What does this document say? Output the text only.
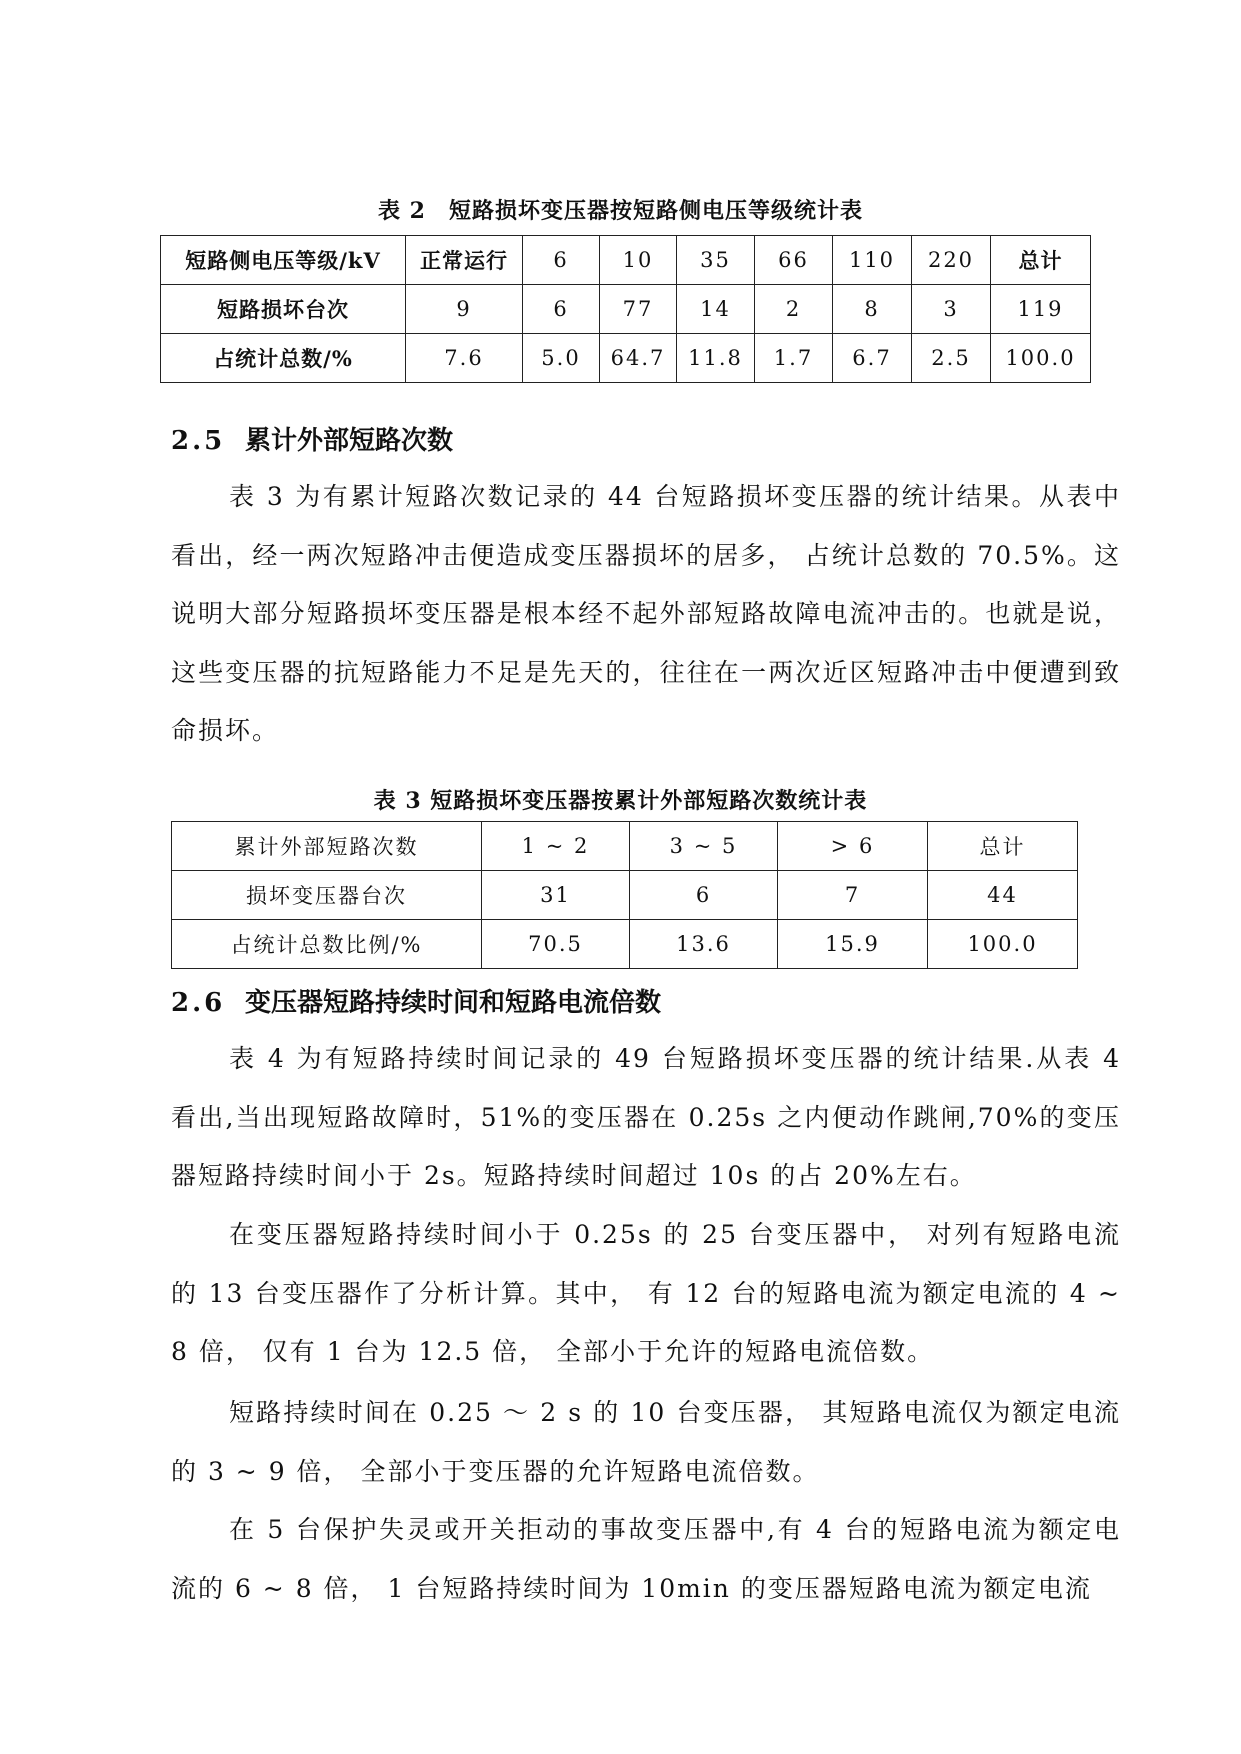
表 2　短路损坏变压器按短路侧电压等级统计表
短路侧电压等级/kV	正常运行	6	10	35	66	110	220	总计
短路损坏台次	9	6	77	14	2	8	3	119
占统计总数/%	7.6	5.0	64.7	11.8	1.7	6.7	2.5	100.0
2.5 累计外部短路次数
表 3 为有累计短路次数记录的 44 台短路损坏变压器的统计结果。从表中看出，经一两次短路冲击便造成变压器损坏的居多， 占统计总数的 70.5%。这说明大部分短路损坏变压器是根本经不起外部短路故障电流冲击的。也就是说，这些变压器的抗短路能力不足是先天的，往往在一两次近区短路冲击中便遭到致命损坏。
表 3 短路损坏变压器按累计外部短路次数统计表
累计外部短路次数	1 ~ 2	3 ~ 5	> 6	总计
损坏变压器台次	31	6	7	44
占统计总数比例/%	70.5	13.6	15.9	100.0
2.6 变压器短路持续时间和短路电流倍数
表 4 为有短路持续时间记录的 49 台短路损坏变压器的统计结果.从表 4 看出,当出现短路故障时，51%的变压器在 0.25s 之内便动作跳闸,70%的变压器短路持续时间小于 2s。短路持续时间超过 10s 的占 20%左右。
在变压器短路持续时间小于 0.25s 的 25 台变压器中， 对列有短路电流的 13 台变压器作了分析计算。其中， 有 12 台的短路电流为额定电流的 4 ~ 8 倍， 仅有 1 台为 12.5 倍， 全部小于允许的短路电流倍数。
短路持续时间在 0.25 ～ 2 s 的 10 台变压器， 其短路电流仅为额定电流的 3 ~ 9 倍， 全部小于变压器的允许短路电流倍数。
在 5 台保护失灵或开关拒动的事故变压器中,有 4 台的短路电流为额定电流的 6 ~ 8 倍， 1 台短路持续时间为 10min 的变压器短路电流为额定电流
